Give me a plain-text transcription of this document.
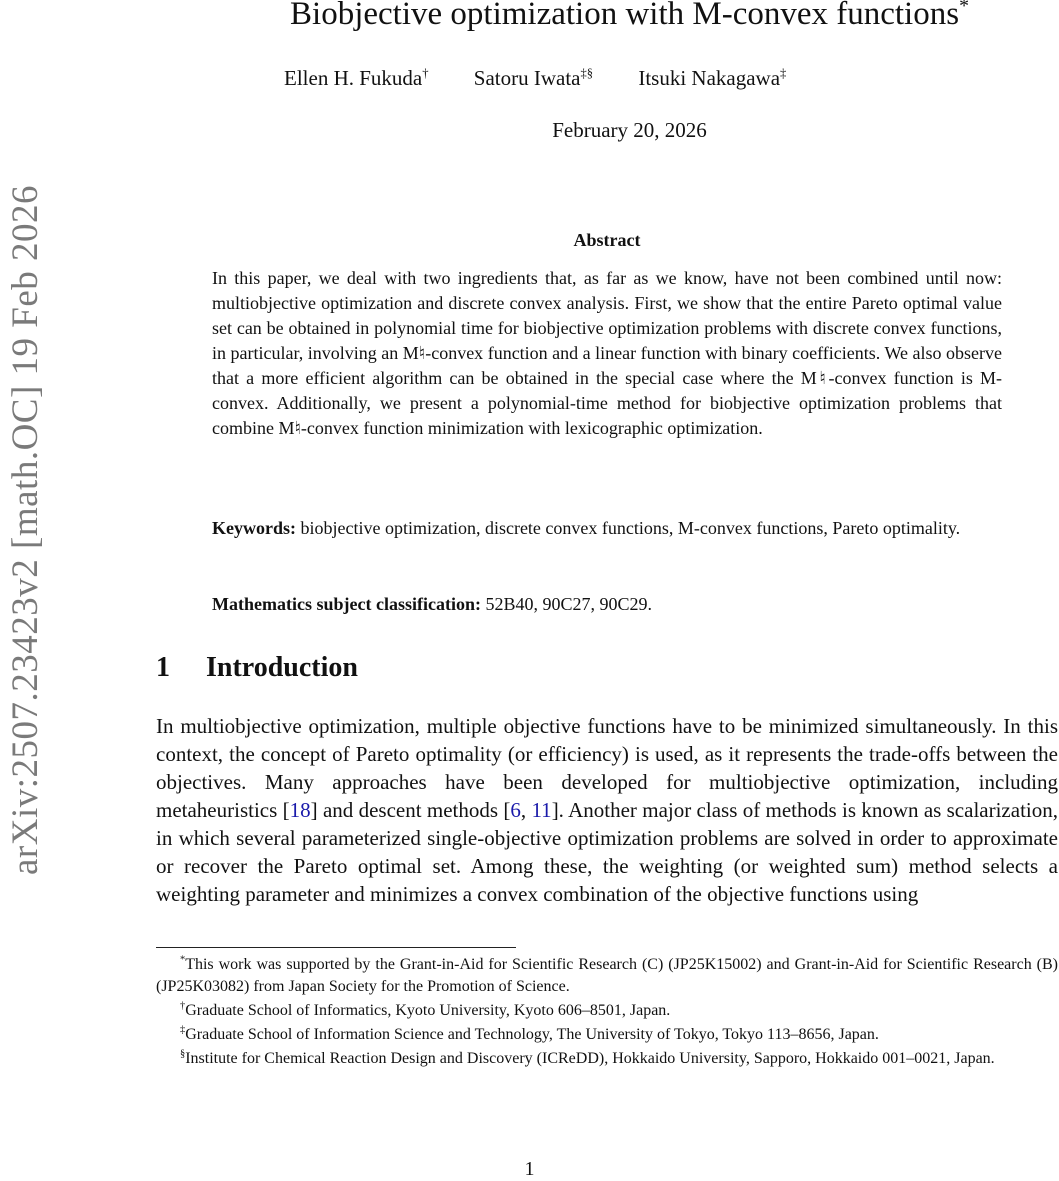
arXiv:2507.23423v2 [math.OC] 19 Feb 2026
Biobjective optimization with M-convex functions*
Ellen H. Fukuda† Satoru Iwata‡§ Itsuki Nakagawa‡
February 20, 2026
Abstract
In this paper, we deal with two ingredients that, as far as we know, have not been combined until now: multiobjective optimization and discrete convex analysis. First, we show that the entire Pareto optimal value set can be obtained in polynomial time for biobjective optimization problems with discrete convex functions, in particular, involving an M♮-convex function and a linear function with binary coefficients. We also observe that a more efficient algorithm can be obtained in the special case where the M♮-convex function is M-convex. Additionally, we present a polynomial-time method for biobjective optimization problems that combine M♮-convex function minimization with lexicographic optimization.
Keywords: biobjective optimization, discrete convex functions, M-convex functions, Pareto optimality.
Mathematics subject classification: 52B40, 90C27, 90C29.
1 Introduction
In multiobjective optimization, multiple objective functions have to be minimized simultaneously. In this context, the concept of Pareto optimality (or efficiency) is used, as it represents the trade-offs between the objectives. Many approaches have been developed for multiobjective optimization, including metaheuristics [18] and descent methods [6, 11]. Another major class of methods is known as scalarization, in which several parameterized single-objective optimization problems are solved in order to approximate or recover the Pareto optimal set. Among these, the weighting (or weighted sum) method selects a weighting parameter and minimizes a convex combination of the objective functions using

*This work was supported by the Grant-in-Aid for Scientific Research (C) (JP25K15002) and Grant-in-Aid for Scientific Research (B) (JP25K03082) from Japan Society for the Promotion of Science.

†Graduate School of Informatics, Kyoto University, Kyoto 606–8501, Japan.

‡Graduate School of Information Science and Technology, The University of Tokyo, Tokyo 113–8656, Japan.

§Institute for Chemical Reaction Design and Discovery (ICReDD), Hokkaido University, Sapporo, Hokkaido 001–0021, Japan.

1
